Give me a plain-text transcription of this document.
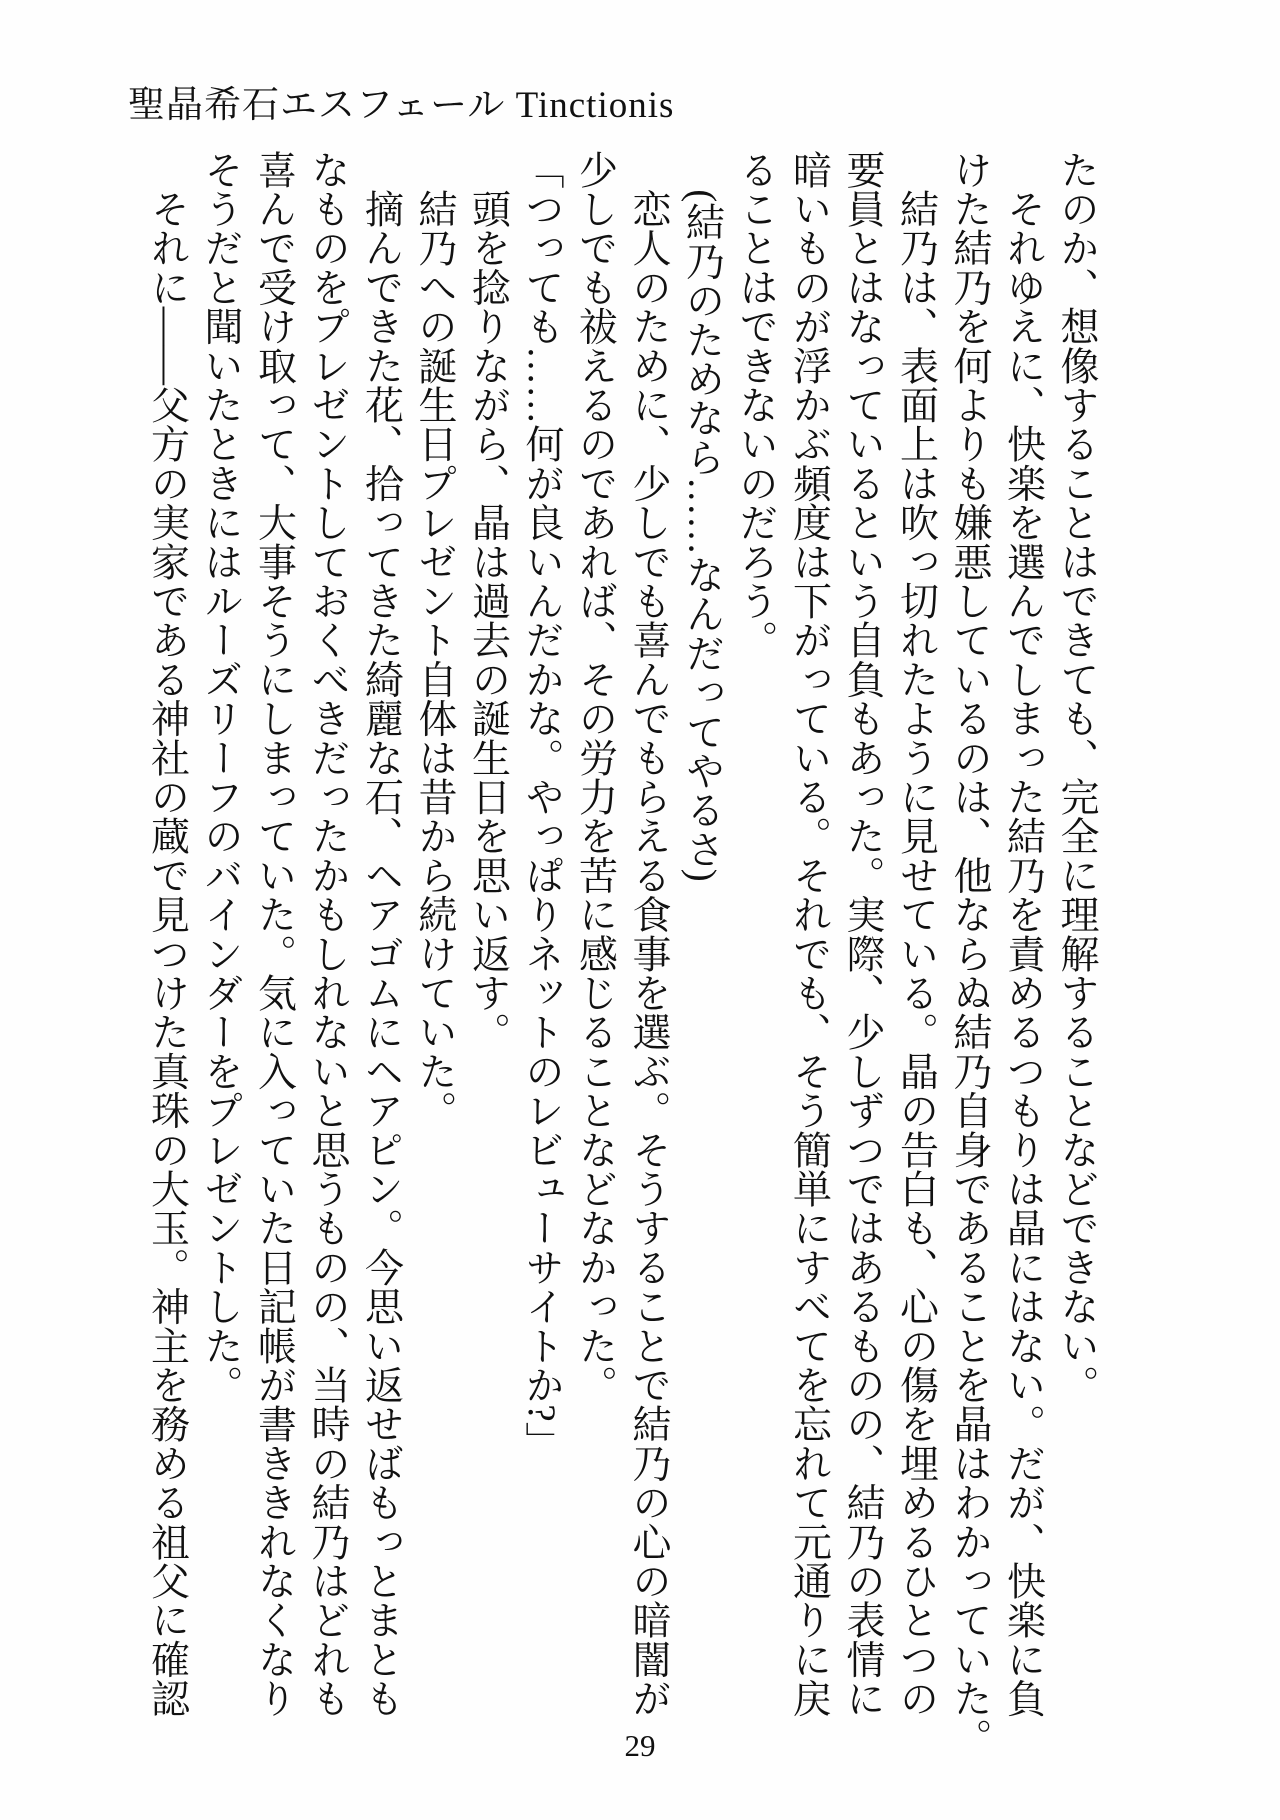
聖晶希石エスフェール Tinctionis
たのか、想像することはできても、完全に理解することなどできない。
　それゆえに、快楽を選んでしまった結乃を責めるつもりは晶にはない。だが、快楽に負
けた結乃を何よりも嫌悪しているのは、他ならぬ結乃自身であることを晶はわかっていた。
　結乃は、表面上は吹っ切れたように見せている。晶の告白も、心の傷を埋めるひとつの
要員とはなっているという自負もあった。実際、少しずつではあるものの、結乃の表情に
暗いものが浮かぶ頻度は下がっている。それでも、そう簡単にすべてを忘れて元通りに戻
ることはできないのだろう。
　(結乃のためなら……なんだってやるさ)
　恋人のために、少しでも喜んでもらえる食事を選ぶ。そうすることで結乃の心の暗闇が
少しでも祓えるのであれば、その労力を苦に感じることなどなかった。
「つっても……何が良いんだかな。やっぱりネットのレビューサイトか?」
　頭を捻りながら、晶は過去の誕生日を思い返す。
　結乃への誕生日プレゼント自体は昔から続けていた。
　摘んできた花、拾ってきた綺麗な石、ヘアゴムにヘアピン。今思い返せばもっとまとも
なものをプレゼントしておくべきだったかもしれないと思うものの、当時の結乃はどれも
喜んで受け取って、大事そうにしまっていた。気に入っていた日記帳が書ききれなくなり
そうだと聞いたときにはルーズリーフのバインダーをプレゼントした。
　それに――父方の実家である神社の蔵で見つけた真珠の大玉。神主を務める祖父に確認
29
